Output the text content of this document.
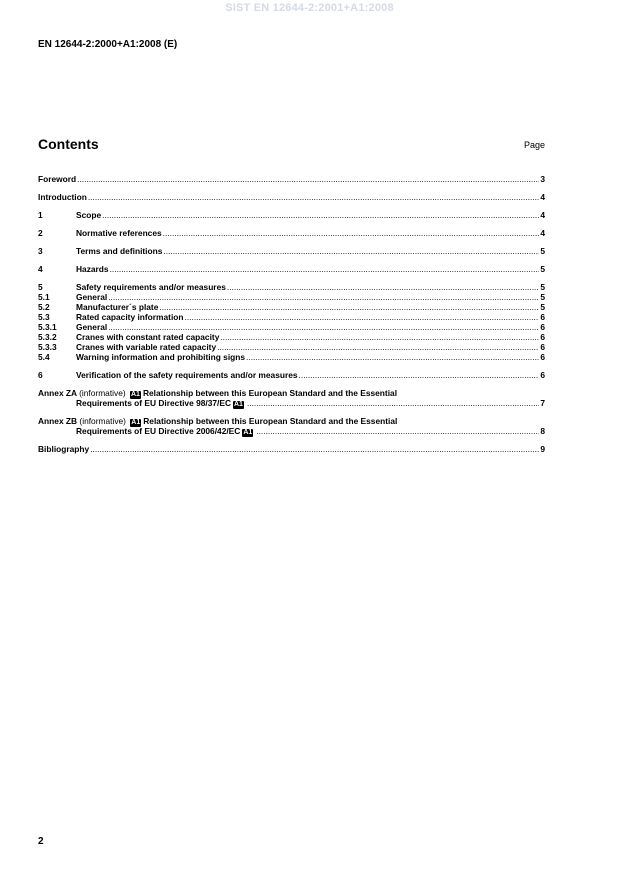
SIST EN 12644-2:2001+A1:2008
EN 12644-2:2000+A1:2008 (E)
Contents	Page
Foreword .....	3
Introduction .....	4
1	Scope .....	4
2	Normative references .....	4
3	Terms and definitions .....	5
4	Hazards .....	5
5	Safety requirements and/or measures .....	5
5.1	General .....	5
5.2	Manufacturer´s plate .....	5
5.3	Rated capacity information .....	6
5.3.1	General .....	6
5.3.2	Cranes with constant rated capacity .....	6
5.3.3	Cranes with variable rated capacity .....	6
5.4	Warning information and prohibiting signs .....	6
6	Verification of the safety requirements and/or measures .....	6
Annex ZA (informative) A1 Relationship between this European Standard and the Essential
Requirements of EU Directive 98/37/EC A1 .....	7
Annex ZB (informative) A1 Relationship between this European Standard and the Essential
Requirements of EU Directive 2006/42/EC A1 .....	8
Bibliography .....	9
2
